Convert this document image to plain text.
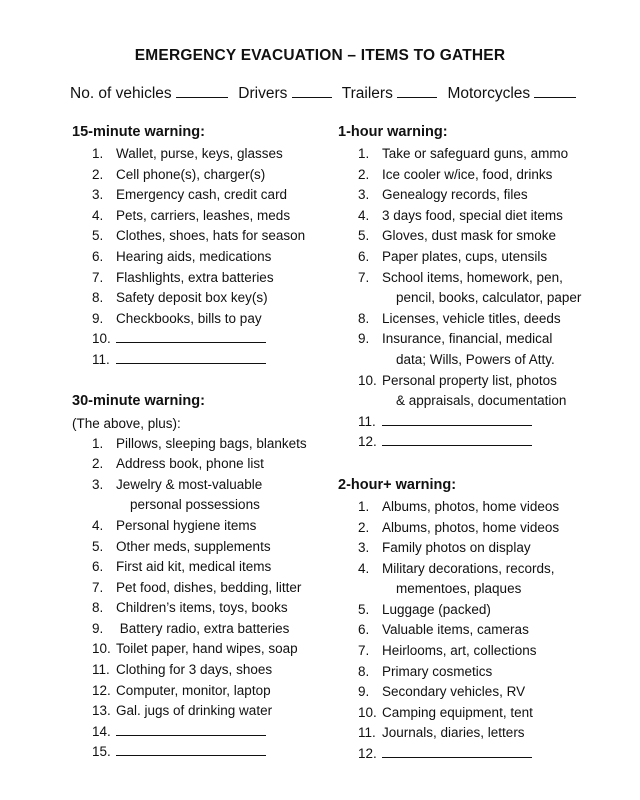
EMERGENCY EVACUATION – ITEMS TO GATHER
No. of vehicles	Drivers	Trailers	Motorcycles
15-minute warning:
1. Wallet, purse, keys, glasses
2. Cell phone(s), charger(s)
3. Emergency cash, credit card
4. Pets, carriers, leashes, meds
5. Clothes, shoes, hats for season
6. Hearing aids, medications
7. Flashlights, extra batteries
8. Safety deposit box key(s)
9. Checkbooks, bills to pay
10.
11.
30-minute warning:
(The above, plus):
1. Pillows, sleeping bags, blankets
2. Address book, phone list
3. Jewelry & most-valuable
personal possessions
4. Personal hygiene items
5. Other meds, supplements
6. First aid kit, medical items
7. Pet food, dishes, bedding, litter
8. Children’s items, toys, books
9. Battery radio, extra batteries
10. Toilet paper, hand wipes, soap
11. Clothing for 3 days, shoes
12. Computer, monitor, laptop
13. Gal. jugs of drinking water
14.
15.
1-hour warning:
1. Take or safeguard guns, ammo
2. Ice cooler w/ice, food, drinks
3. Genealogy records, files
4. 3 days food, special diet items
5. Gloves, dust mask for smoke
6. Paper plates, cups, utensils
7. School items, homework, pen,
pencil, books, calculator, paper
8. Licenses, vehicle titles, deeds
9. Insurance, financial, medical
data; Wills, Powers of Atty.
10. Personal property list, photos
& appraisals, documentation
11.
12.
2-hour+ warning:
1. Albums, photos, home videos
2. Albums, photos, home videos
3. Family photos on display
4. Military decorations, records,
mementoes, plaques
5. Luggage (packed)
6. Valuable items, cameras
7. Heirlooms, art, collections
8. Primary cosmetics
9. Secondary vehicles, RV
10. Camping equipment, tent
11. Journals, diaries, letters
12.
